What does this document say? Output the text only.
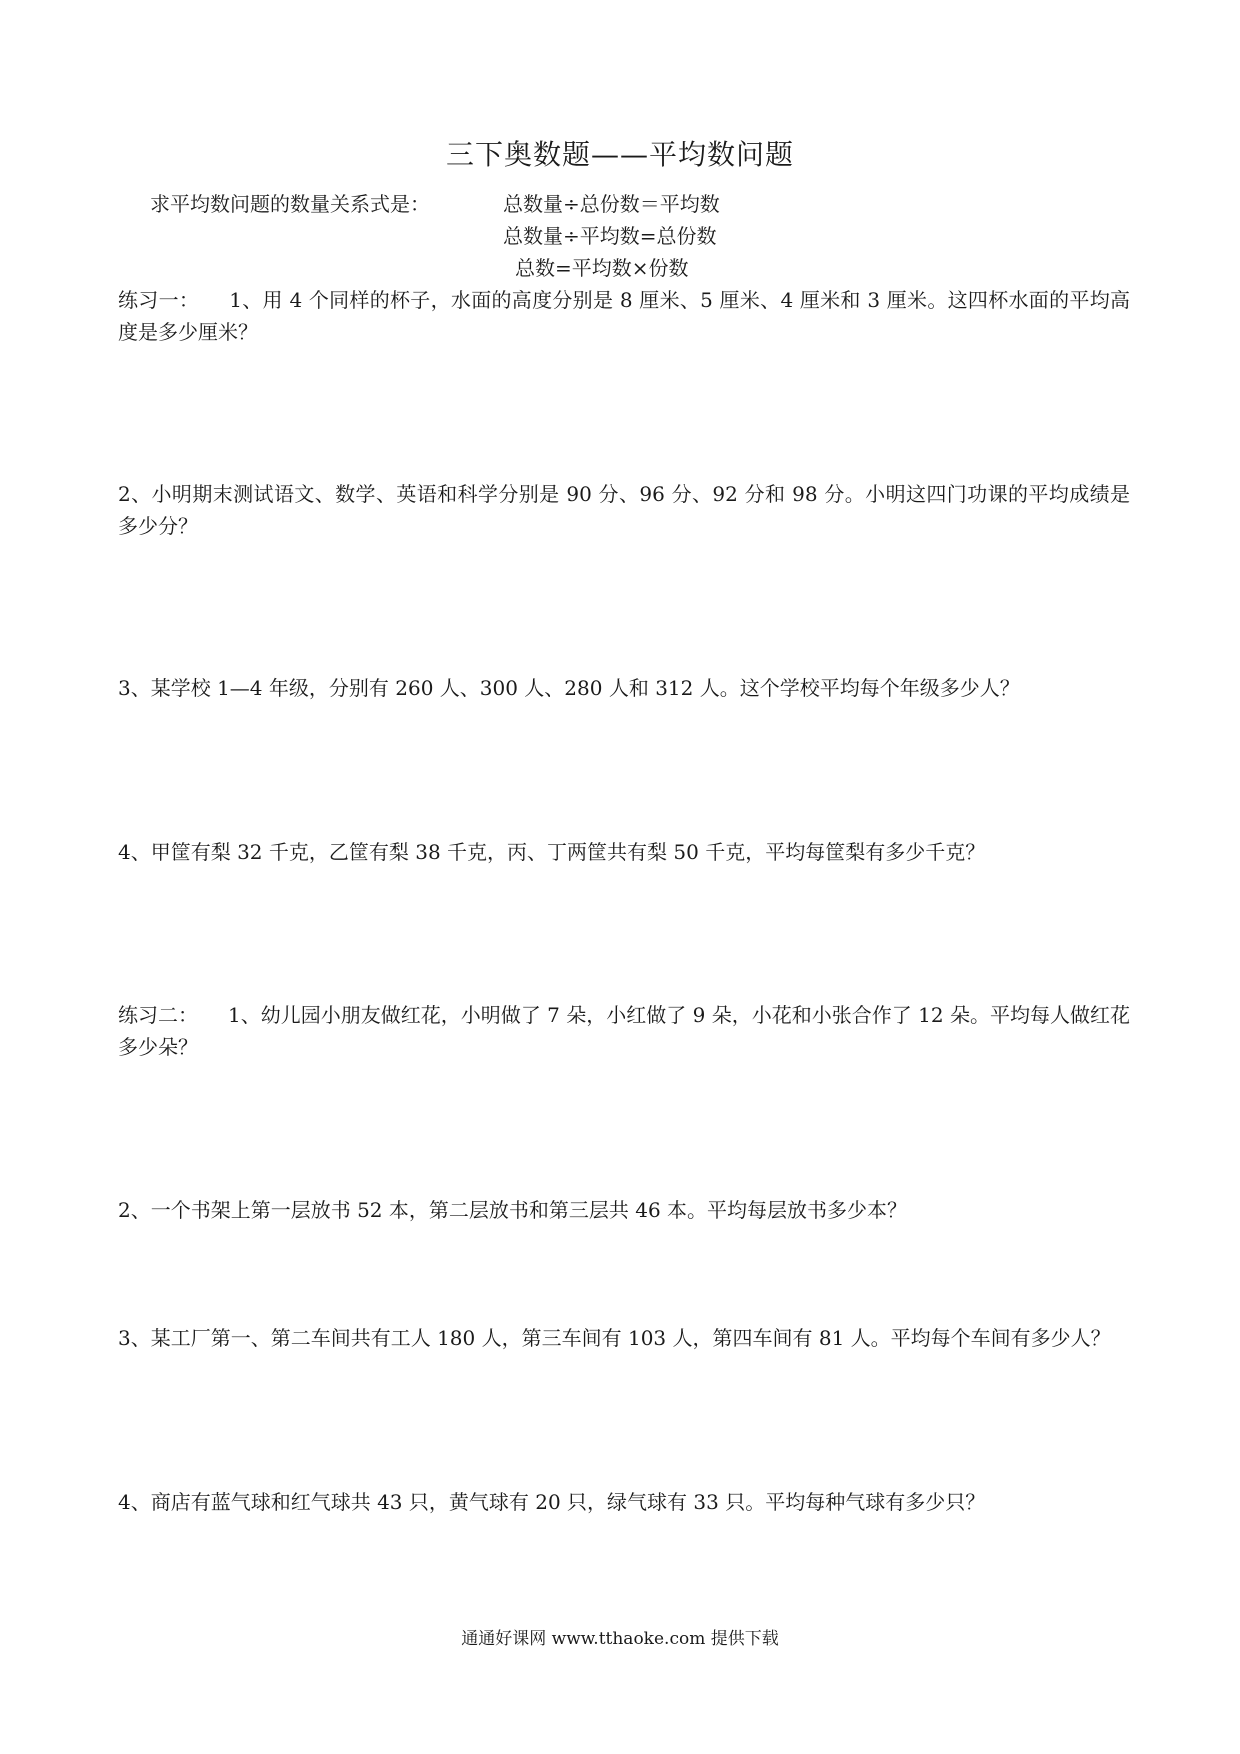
三下奥数题——平均数问题
求平均数问题的数量关系式是：	总数量÷总份数＝平均数
总数量÷平均数=总份数
总数=平均数×份数
练习一： 1、用 4 个同样的杯子，水面的高度分别是 8 厘米、5 厘米、4 厘米和 3 厘米。这四杯水面的平均高度是多少厘米？
2、小明期末测试语文、数学、英语和科学分别是 90 分、96 分、92 分和 98 分。小明这四门功课的平均成绩是多少分？
3、某学校 1—4 年级，分别有 260 人、300 人、280 人和 312 人。这个学校平均每个年级多少人？
4、甲筐有梨 32 千克，乙筐有梨 38 千克，丙、丁两筐共有梨 50 千克，平均每筐梨有多少千克？
练习二： 1、幼儿园小朋友做红花，小明做了 7 朵，小红做了 9 朵，小花和小张合作了 12 朵。平均每人做红花多少朵？
2、一个书架上第一层放书 52 本，第二层放书和第三层共 46 本。平均每层放书多少本？
3、某工厂第一、第二车间共有工人 180 人，第三车间有 103 人，第四车间有 81 人。平均每个车间有多少人？
4、商店有蓝气球和红气球共 43 只，黄气球有 20 只，绿气球有 33 只。平均每种气球有多少只？
通通好课网 www.tthaoke.com 提供下载
